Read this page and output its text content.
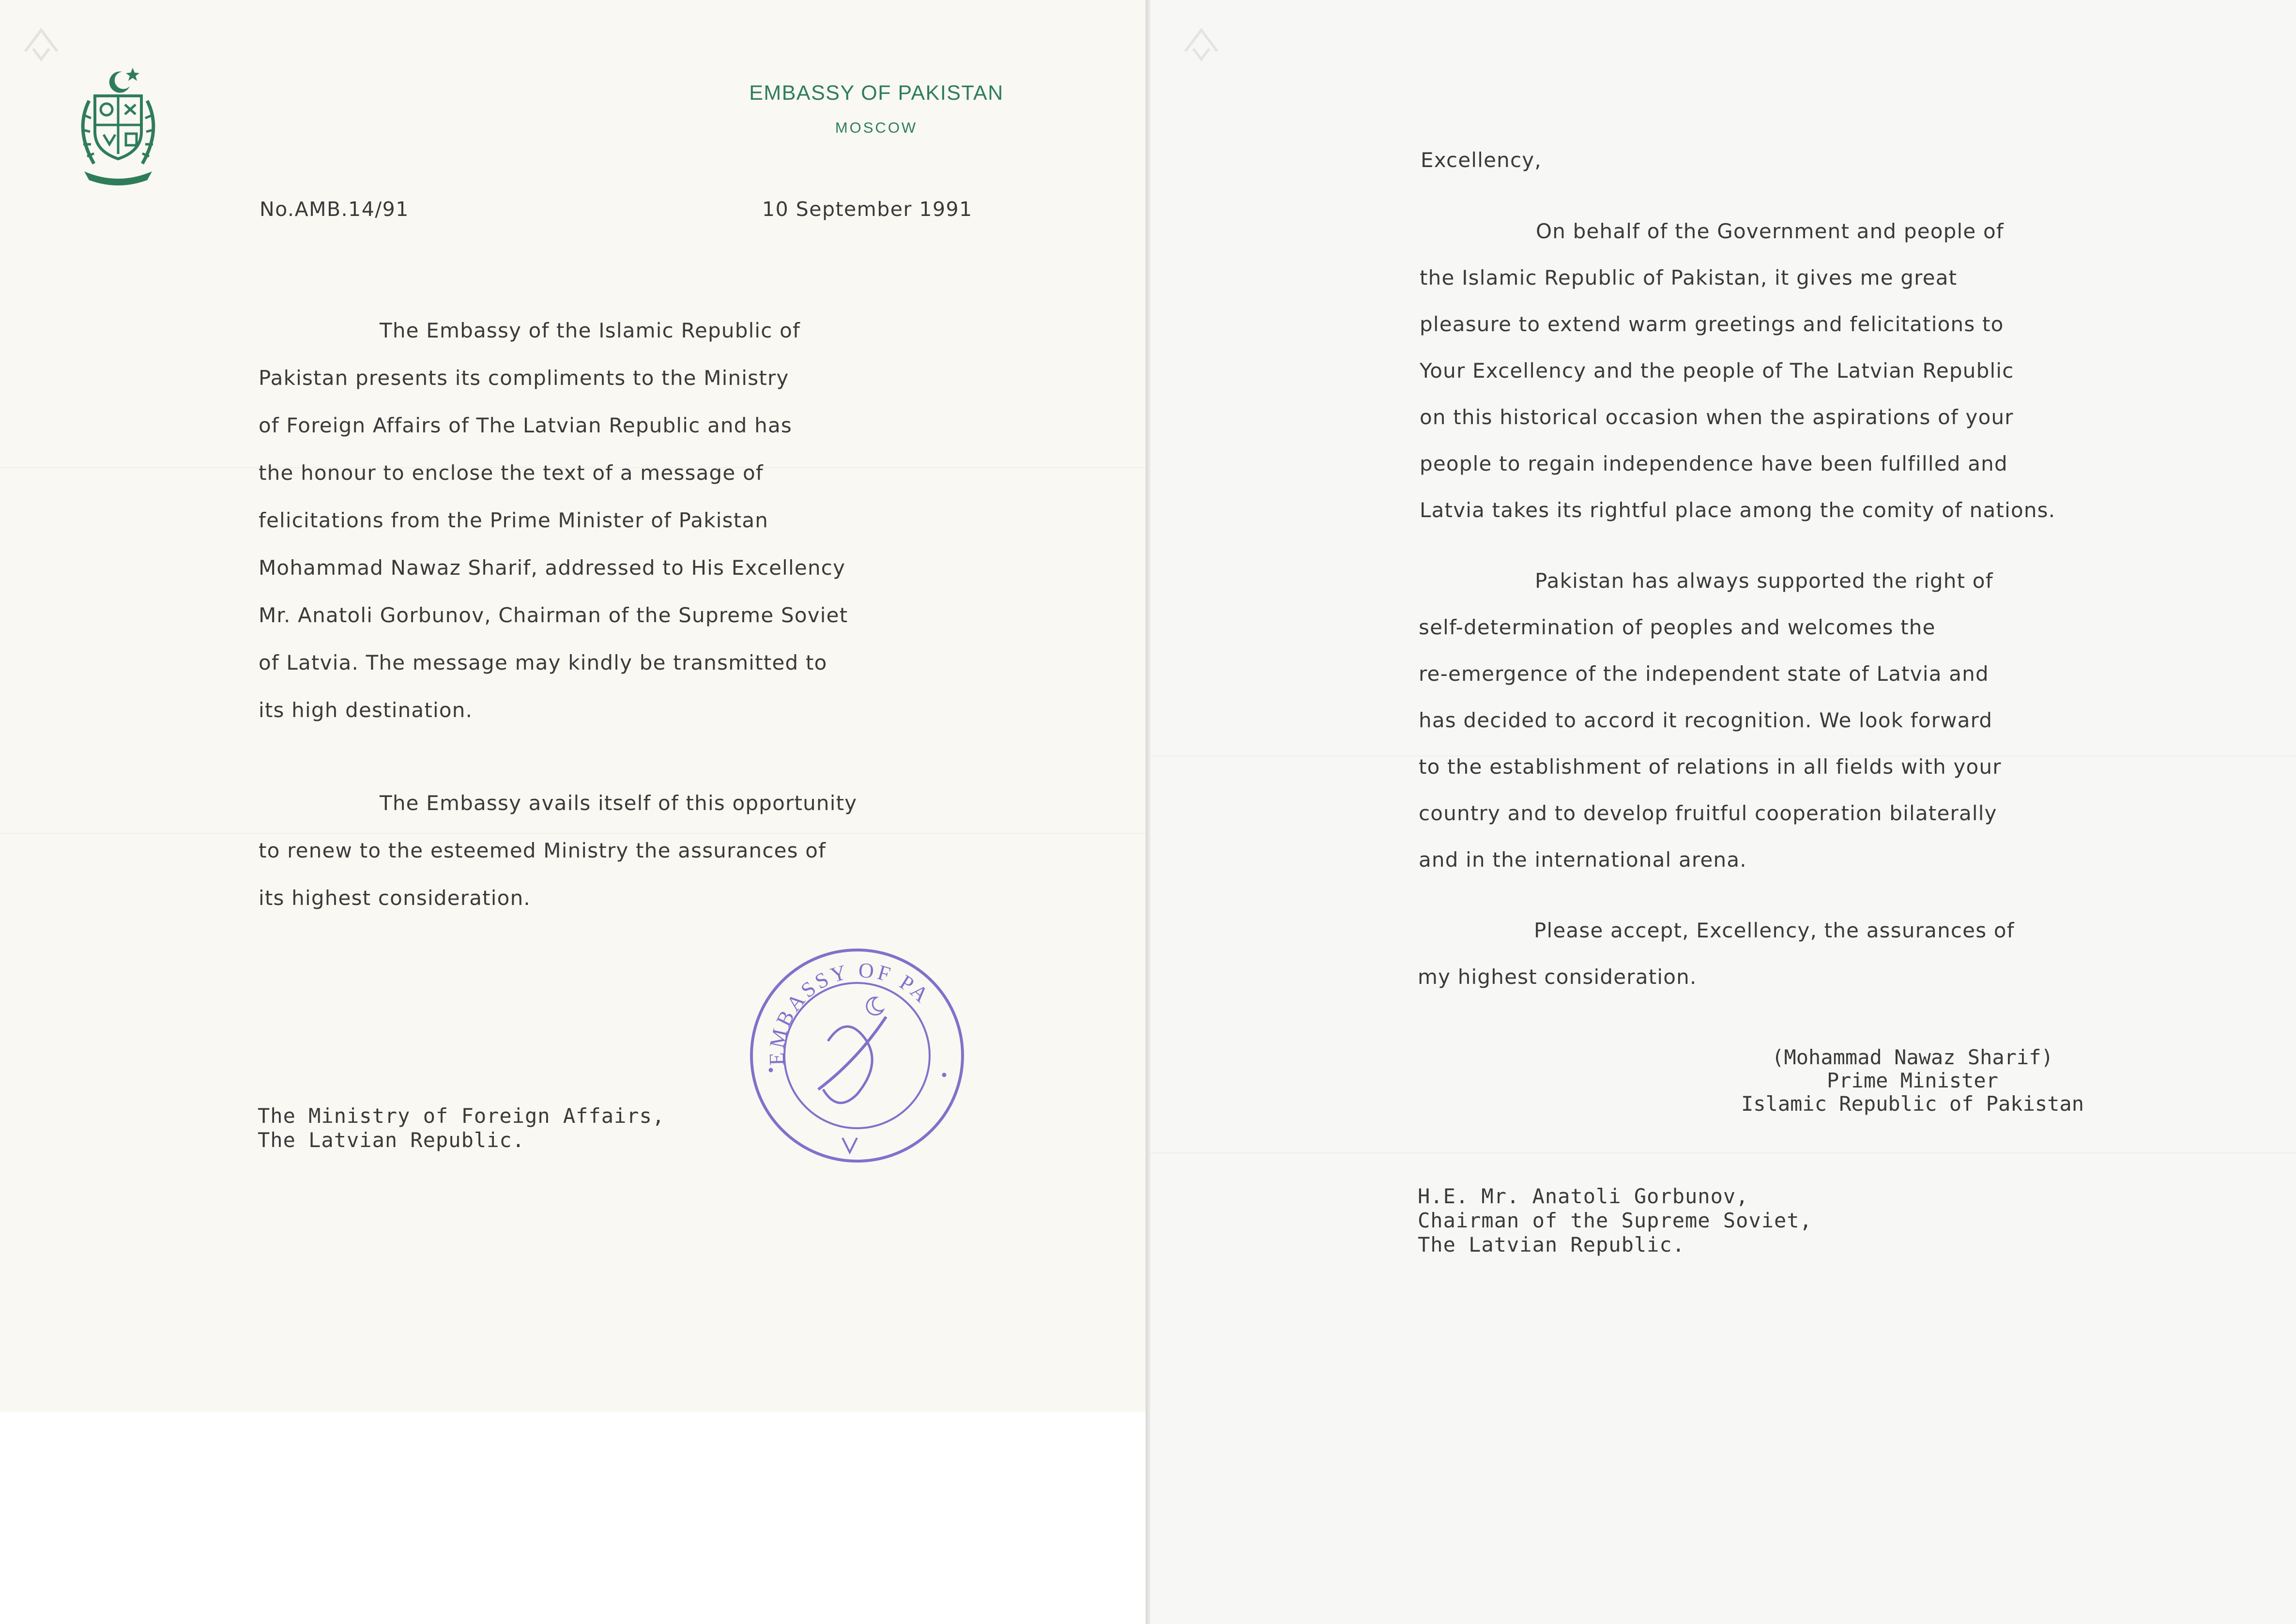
EMBASSY OF PAKISTAN
MOSCOW
No.AMB.14/91	10 September 1991
The Embassy of the Islamic Republic of
Pakistan presents its compliments to the Ministry
of Foreign Affairs of The Latvian Republic and has
the honour to enclose the text of a message of
felicitations from the Prime Minister of Pakistan
Mohammad Nawaz Sharif, addressed to His Excellency
Mr. Anatoli Gorbunov, Chairman of the Supreme Soviet
of Latvia. The message may kindly be transmitted to
its high destination.
The Embassy avails itself of this opportunity
to renew to the esteemed Ministry the assurances of
its highest consideration.
The Ministry of Foreign Affairs,
The Latvian Republic.
EMBASSY OF PA
Excellency,
On behalf of the Government and people of
the Islamic Republic of Pakistan, it gives me great
pleasure to extend warm greetings and felicitations to
Your Excellency and the people of The Latvian Republic
on this historical occasion when the aspirations of your
people to regain independence have been fulfilled and
Latvia takes its rightful place among the comity of nations.
Pakistan has always supported the right of
self-determination of peoples and welcomes the
re-emergence of the independent state of Latvia and
has decided to accord it recognition. We look forward
to the establishment of relations in all fields with your
country and to develop fruitful cooperation bilaterally
and in the international arena.
Please accept, Excellency, the assurances of
my highest consideration.
(Mohammad Nawaz Sharif)
Prime Minister
Islamic Republic of Pakistan
H.E. Mr. Anatoli Gorbunov,
Chairman of the Supreme Soviet,
The Latvian Republic.
